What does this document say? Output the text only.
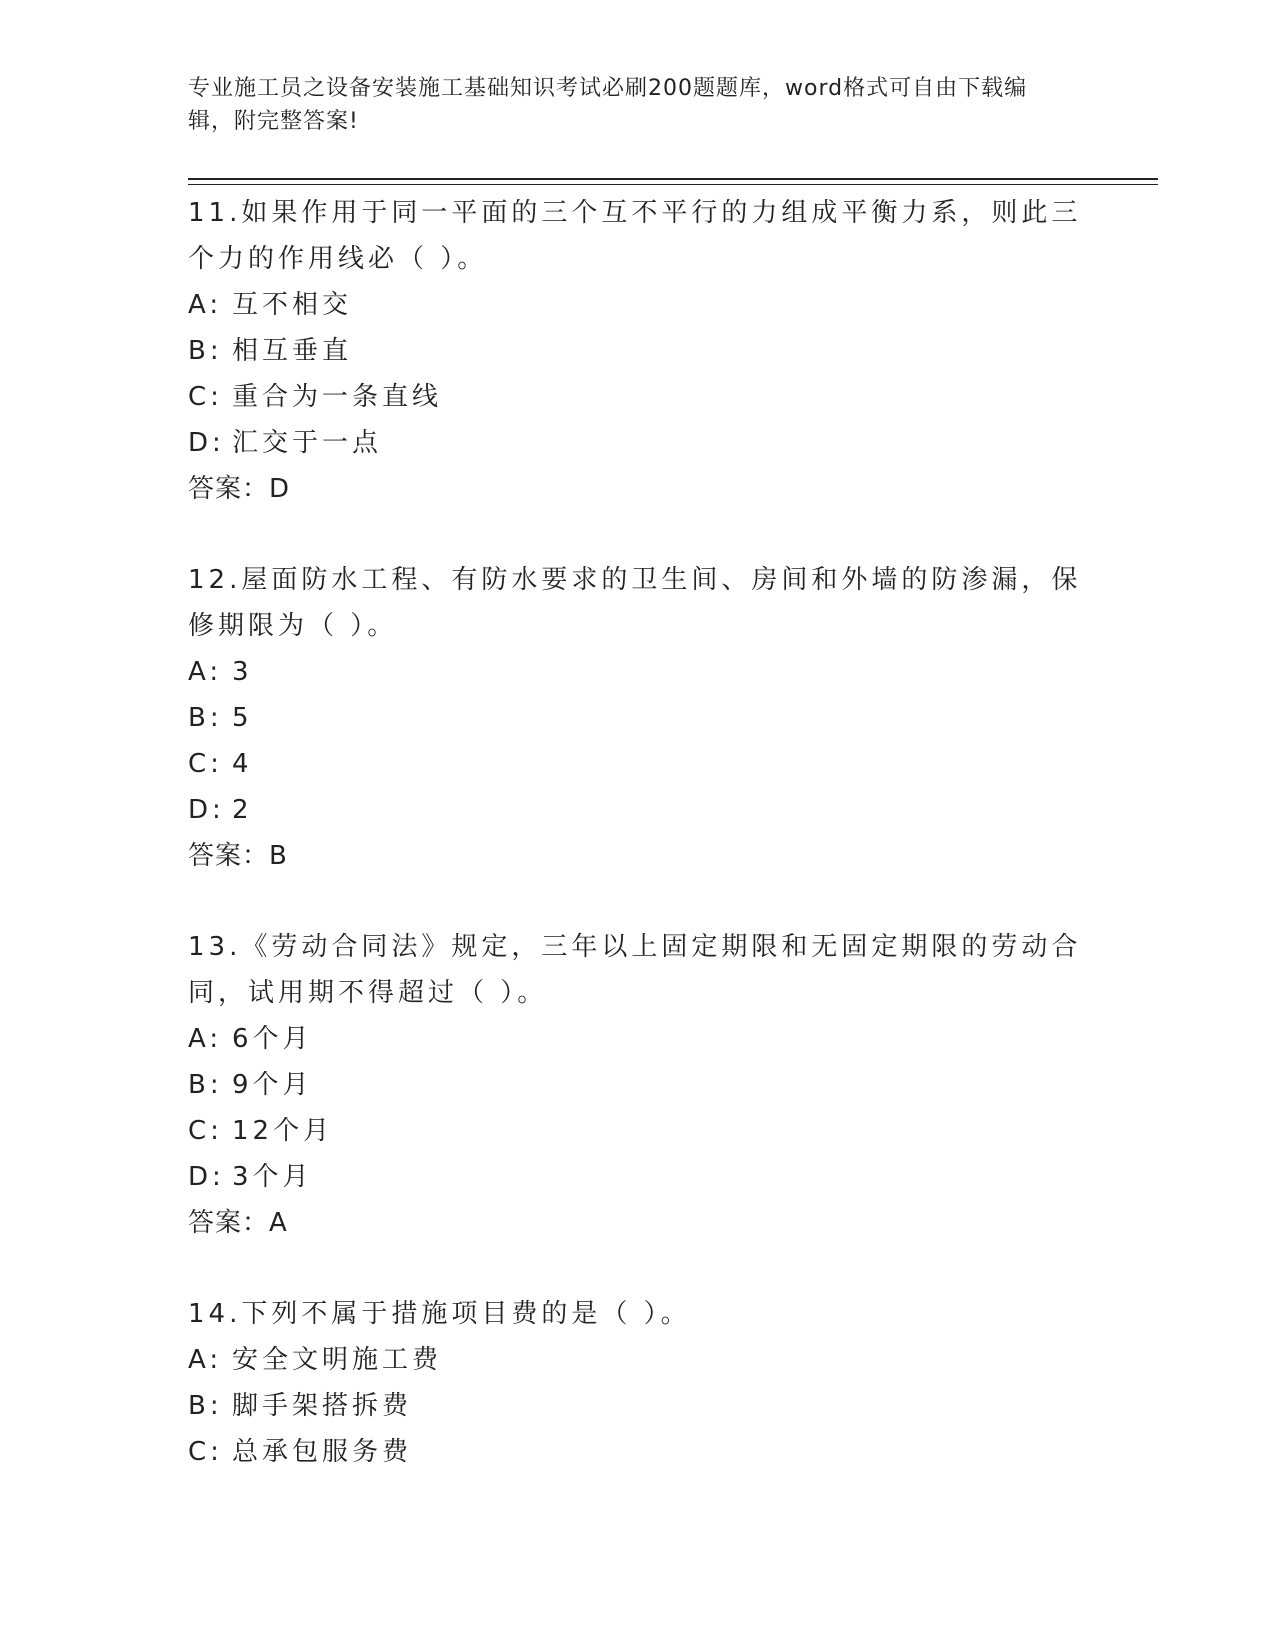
专业施工员之设备安装施工基础知识考试必刷200题题库，word格式可自由下载编辑，附完整答案!

11.如果作用于同一平面的三个互不平行的力组成平衡力系，则此三个力的作用线必（ ）。

A: 互不相交

B: 相互垂直

C: 重合为一条直线

D: 汇交于一点

答案：D

12.屋面防水工程、有防水要求的卫生间、房间和外墙的防渗漏，保修期限为（ ）。

A: 3

B: 5

C: 4

D: 2

答案：B

13.《劳动合同法》规定，三年以上固定期限和无固定期限的劳动合同，试用期不得超过（ ）。

A: 6个月

B: 9个月

C: 12个月

D: 3个月

答案：A

14.下列不属于措施项目费的是（ ）。

A: 安全文明施工费

B: 脚手架搭拆费

C: 总承包服务费
